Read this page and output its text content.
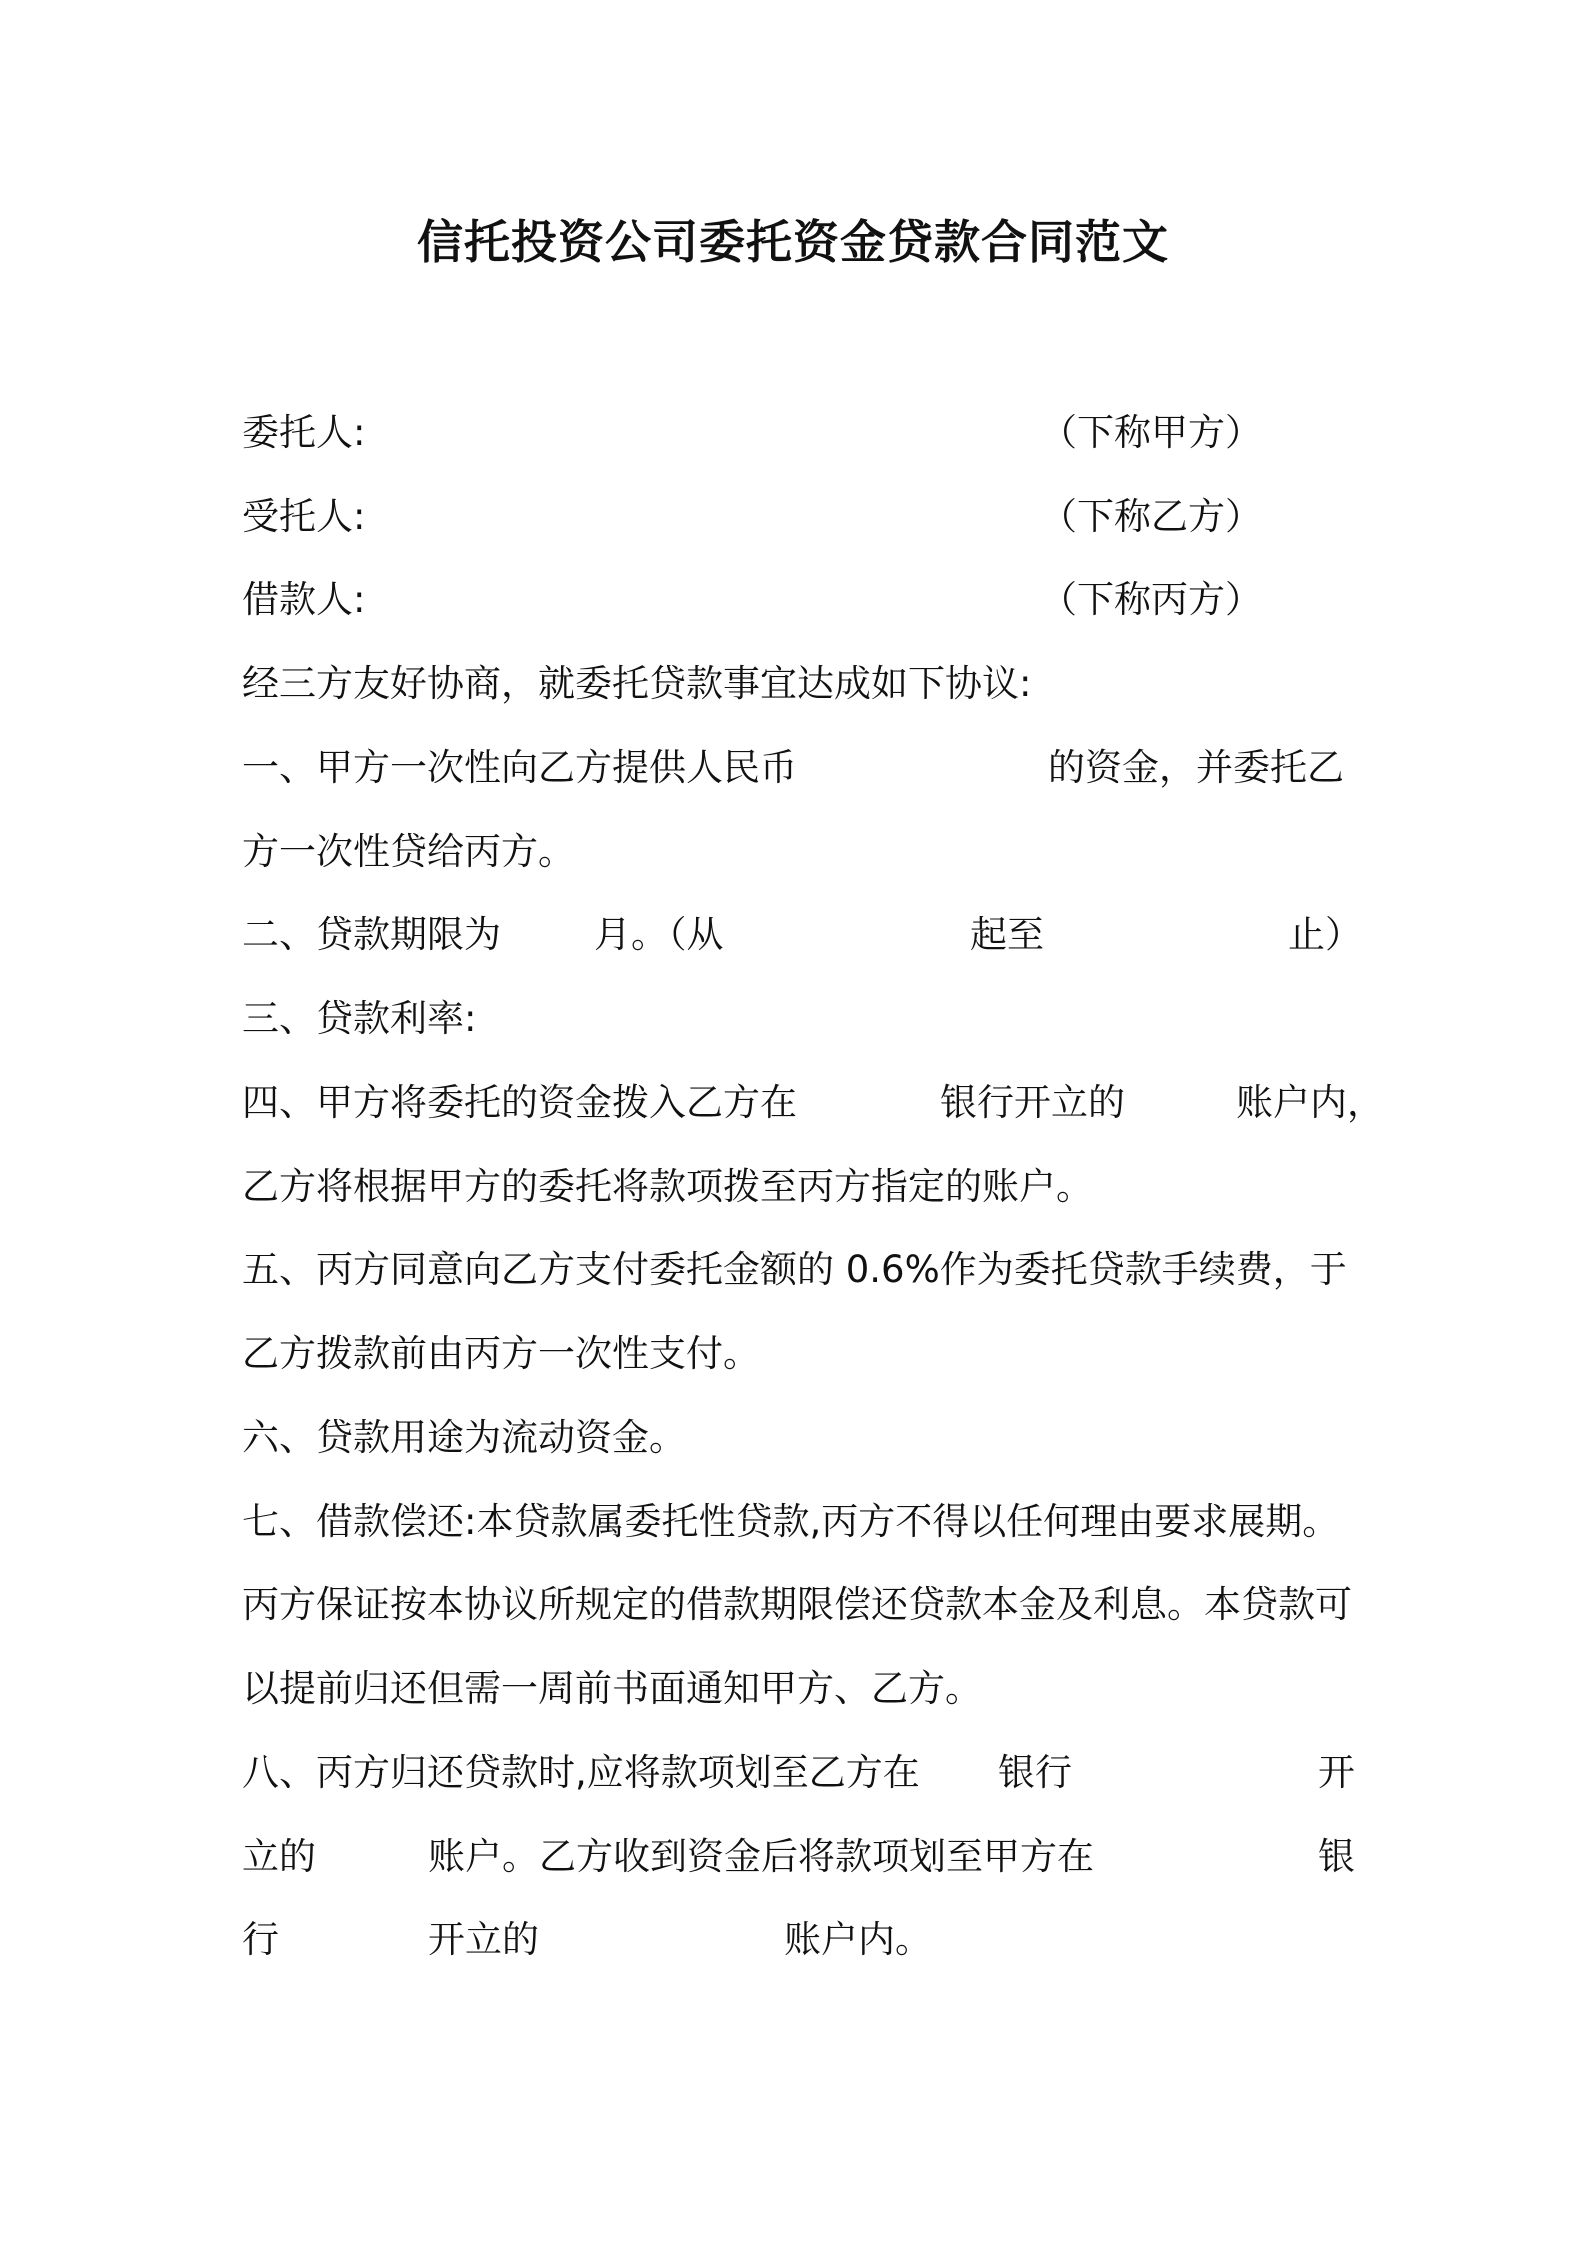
信托投资公司委托资金贷款合同范文
委托人:	（下称甲方）
受托人:	（下称乙方）
借款人:	（下称丙方）
经三方友好协商，就委托贷款事宜达成如下协议:
一、甲方一次性向乙方提供人民币	的资金，并委托乙
方一次性贷给丙方。
二、贷款期限为	月。（从	起至	止）
三、贷款利率:
四、甲方将委托的资金拨入乙方在	银行开立的	账户内，
乙方将根据甲方的委托将款项拨至丙方指定的账户。
五、丙方同意向乙方支付委托金额的 0.6%作为委托贷款手续费，于
乙方拨款前由丙方一次性支付。
六、贷款用途为流动资金。
七、借款偿还:本贷款属委托性贷款,丙方不得以任何理由要求展期。
丙方保证按本协议所规定的借款期限偿还贷款本金及利息。本贷款可
以提前归还但需一周前书面通知甲方、乙方。
八、丙方归还贷款时,应将款项划至乙方在 银行	开
立的	账户。乙方收到资金后将款项划至甲方在	银
行	开立的	账户内。
